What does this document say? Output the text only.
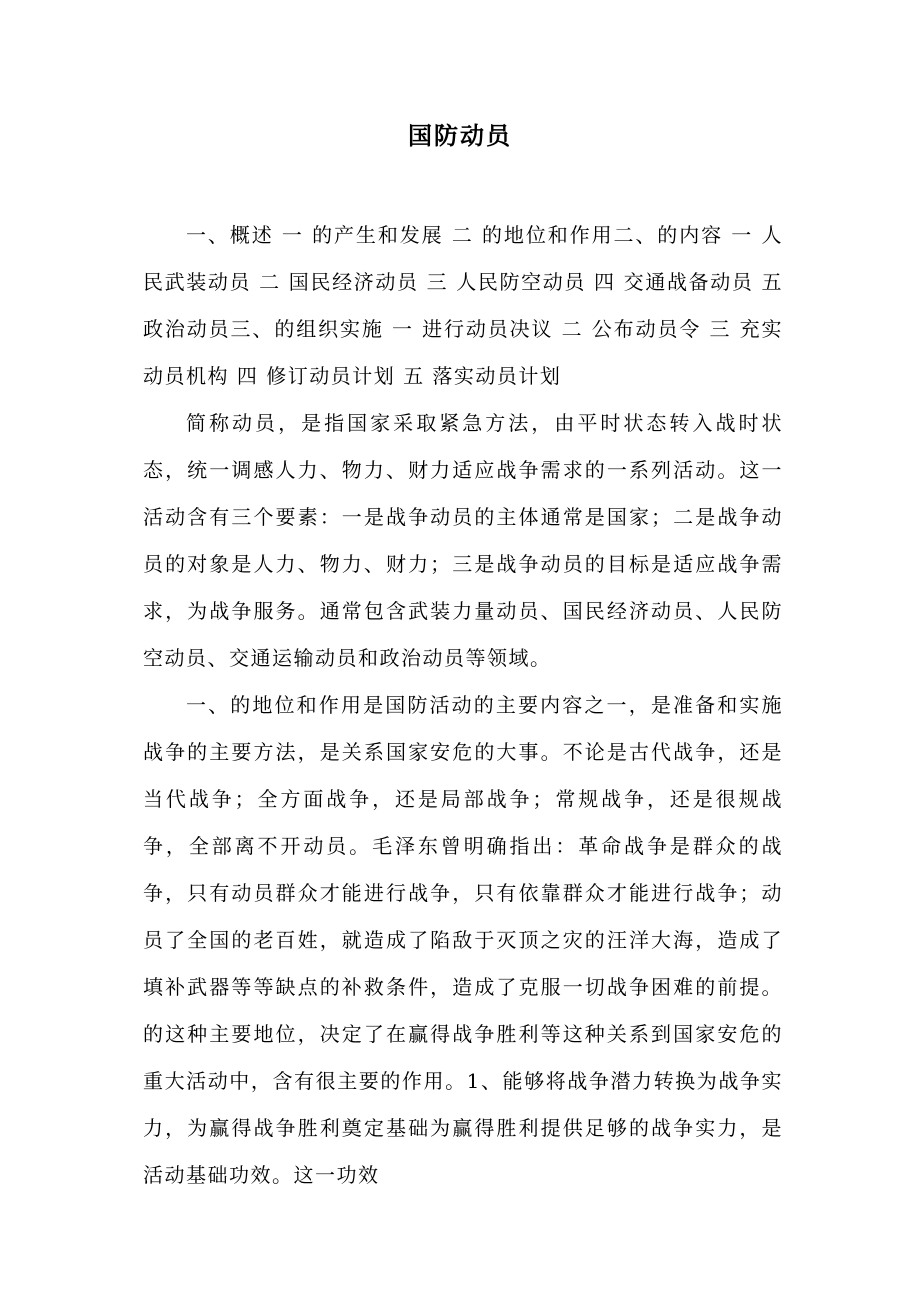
国防动员

一、概述 一 的产生和发展 二 的地位和作用二、的内容 一 人民武装动员 二 国民经济动员 三 人民防空动员 四 交通战备动员 五 政治动员三、的组织实施 一 进行动员决议 二 公布动员令 三 充实动员机构 四 修订动员计划 五 落实动员计划

简称动员，是指国家采取紧急方法，由平时状态转入战时状态，统一调感人力、物力、财力适应战争需求的一系列活动。这一活动含有三个要素：一是战争动员的主体通常是国家；二是战争动员的对象是人力、物力、财力；三是战争动员的目标是适应战争需求，为战争服务。通常包含武装力量动员、国民经济动员、人民防空动员、交通运输动员和政治动员等领域。

一、的地位和作用是国防活动的主要内容之一，是准备和实施战争的主要方法，是关系国家安危的大事。不论是古代战争，还是当代战争；全方面战争，还是局部战争；常规战争，还是很规战争，全部离不开动员。毛泽东曾明确指出：革命战争是群众的战争，只有动员群众才能进行战争，只有依靠群众才能进行战争；动员了全国的老百姓，就造成了陷敌于灭顶之灾的汪洋大海，造成了填补武器等等缺点的补救条件，造成了克服一切战争困难的前提。的这种主要地位，决定了在赢得战争胜利等这种关系到国家安危的重大活动中，含有很主要的作用。1、能够将战争潜力转换为战争实力，为赢得战争胜利奠定基础为赢得胜利提供足够的战争实力，是活动基础功效。这一功效
